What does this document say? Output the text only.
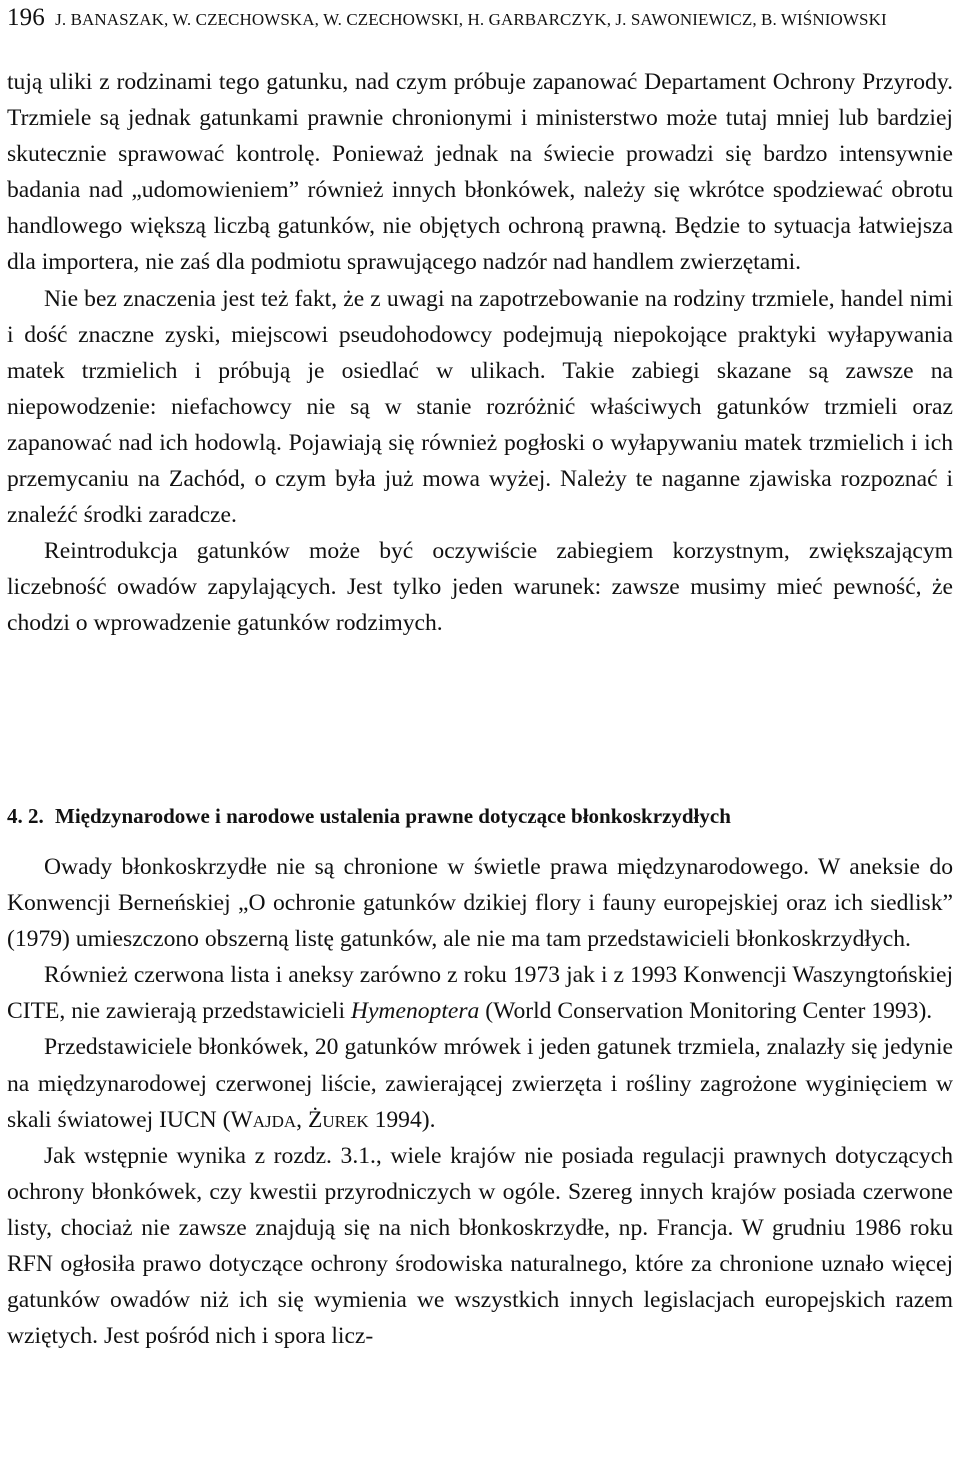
196 J. BANASZAK, W. CZECHOWSKA, W. CZECHOWSKI, H. GARBARCZYK, J. SAWONIEWICZ, B. WIŚNIOWSKI

tują uliki z rodzinami tego gatunku, nad czym próbuje zapanować Departament Ochrony Przyrody. Trzmiele są jednak gatunkami prawnie chronionymi i ministerstwo może tutaj mniej lub bardziej skutecznie sprawować kontrolę. Ponieważ jednak na świecie prowadzi się bardzo intensywnie badania nad „udomowieniem” również innych błonkówek, należy się wkrótce spodziewać obrotu handlowego większą liczbą gatunków, nie objętych ochroną prawną. Będzie to sytuacja łatwiejsza dla importera, nie zaś dla podmiotu sprawującego nadzór nad handlem zwierzętami.

Nie bez znaczenia jest też fakt, że z uwagi na zapotrzebowanie na rodziny trzmiele, handel nimi i dość znaczne zyski, miejscowi pseudohodowcy podejmują niepokojące praktyki wyłapywania matek trzmielich i próbują je osiedlać w ulikach. Takie zabiegi skazane są zawsze na niepowodzenie: niefachowcy nie są w stanie rozróżnić właściwych gatunków trzmieli oraz zapanować nad ich hodowlą. Pojawiają się również pogłoski o wyłapywaniu matek trzmielich i ich przemycaniu na Zachód, o czym była już mowa wyżej. Należy te naganne zjawiska rozpoznać i znaleźć środki zaradcze.

Reintrodukcja gatunków może być oczywiście zabiegiem korzystnym, zwiększającym liczebność owadów zapylających. Jest tylko jeden warunek: zawsze musimy mieć pewność, że chodzi o wprowadzenie gatunków rodzimych.

4. 2. Międzynarodowe i narodowe ustalenia prawne dotyczące błonkoskrzydłych

Owady błonkoskrzydłe nie są chronione w świetle prawa międzynarodowego. W aneksie do Konwencji Berneńskiej „O ochronie gatunków dzikiej flory i fauny europejskiej oraz ich siedlisk” (1979) umieszczono obszerną listę gatunków, ale nie ma tam przedstawicieli błonkoskrzydłych.

Również czerwona lista i aneksy zarówno z roku 1973 jak i z 1993 Konwencji Waszyngtońskiej CITE, nie zawierają przedstawicieli Hymenoptera (World Conservation Monitoring Center 1993).

Przedstawiciele błonkówek, 20 gatunków mrówek i jeden gatunek trzmiela, znalazły się jedynie na międzynarodowej czerwonej liście, zawierającej zwierzęta i rośliny zagrożone wyginięciem w skali światowej IUCN (Wajda, Żurek 1994).

Jak wstępnie wynika z rozdz. 3.1., wiele krajów nie posiada regulacji prawnych dotyczących ochrony błonkówek, czy kwestii przyrodniczych w ogóle. Szereg innych krajów posiada czerwone listy, chociaż nie zawsze znajdują się na nich błonkoskrzydłe, np. Francja. W grudniu 1986 roku RFN ogłosiła prawo dotyczące ochrony środowiska naturalnego, które za chronione uznało więcej gatunków owadów niż ich się wymienia we wszystkich innych legislacjach europejskich razem wziętych. Jest pośród nich i spora licz-
